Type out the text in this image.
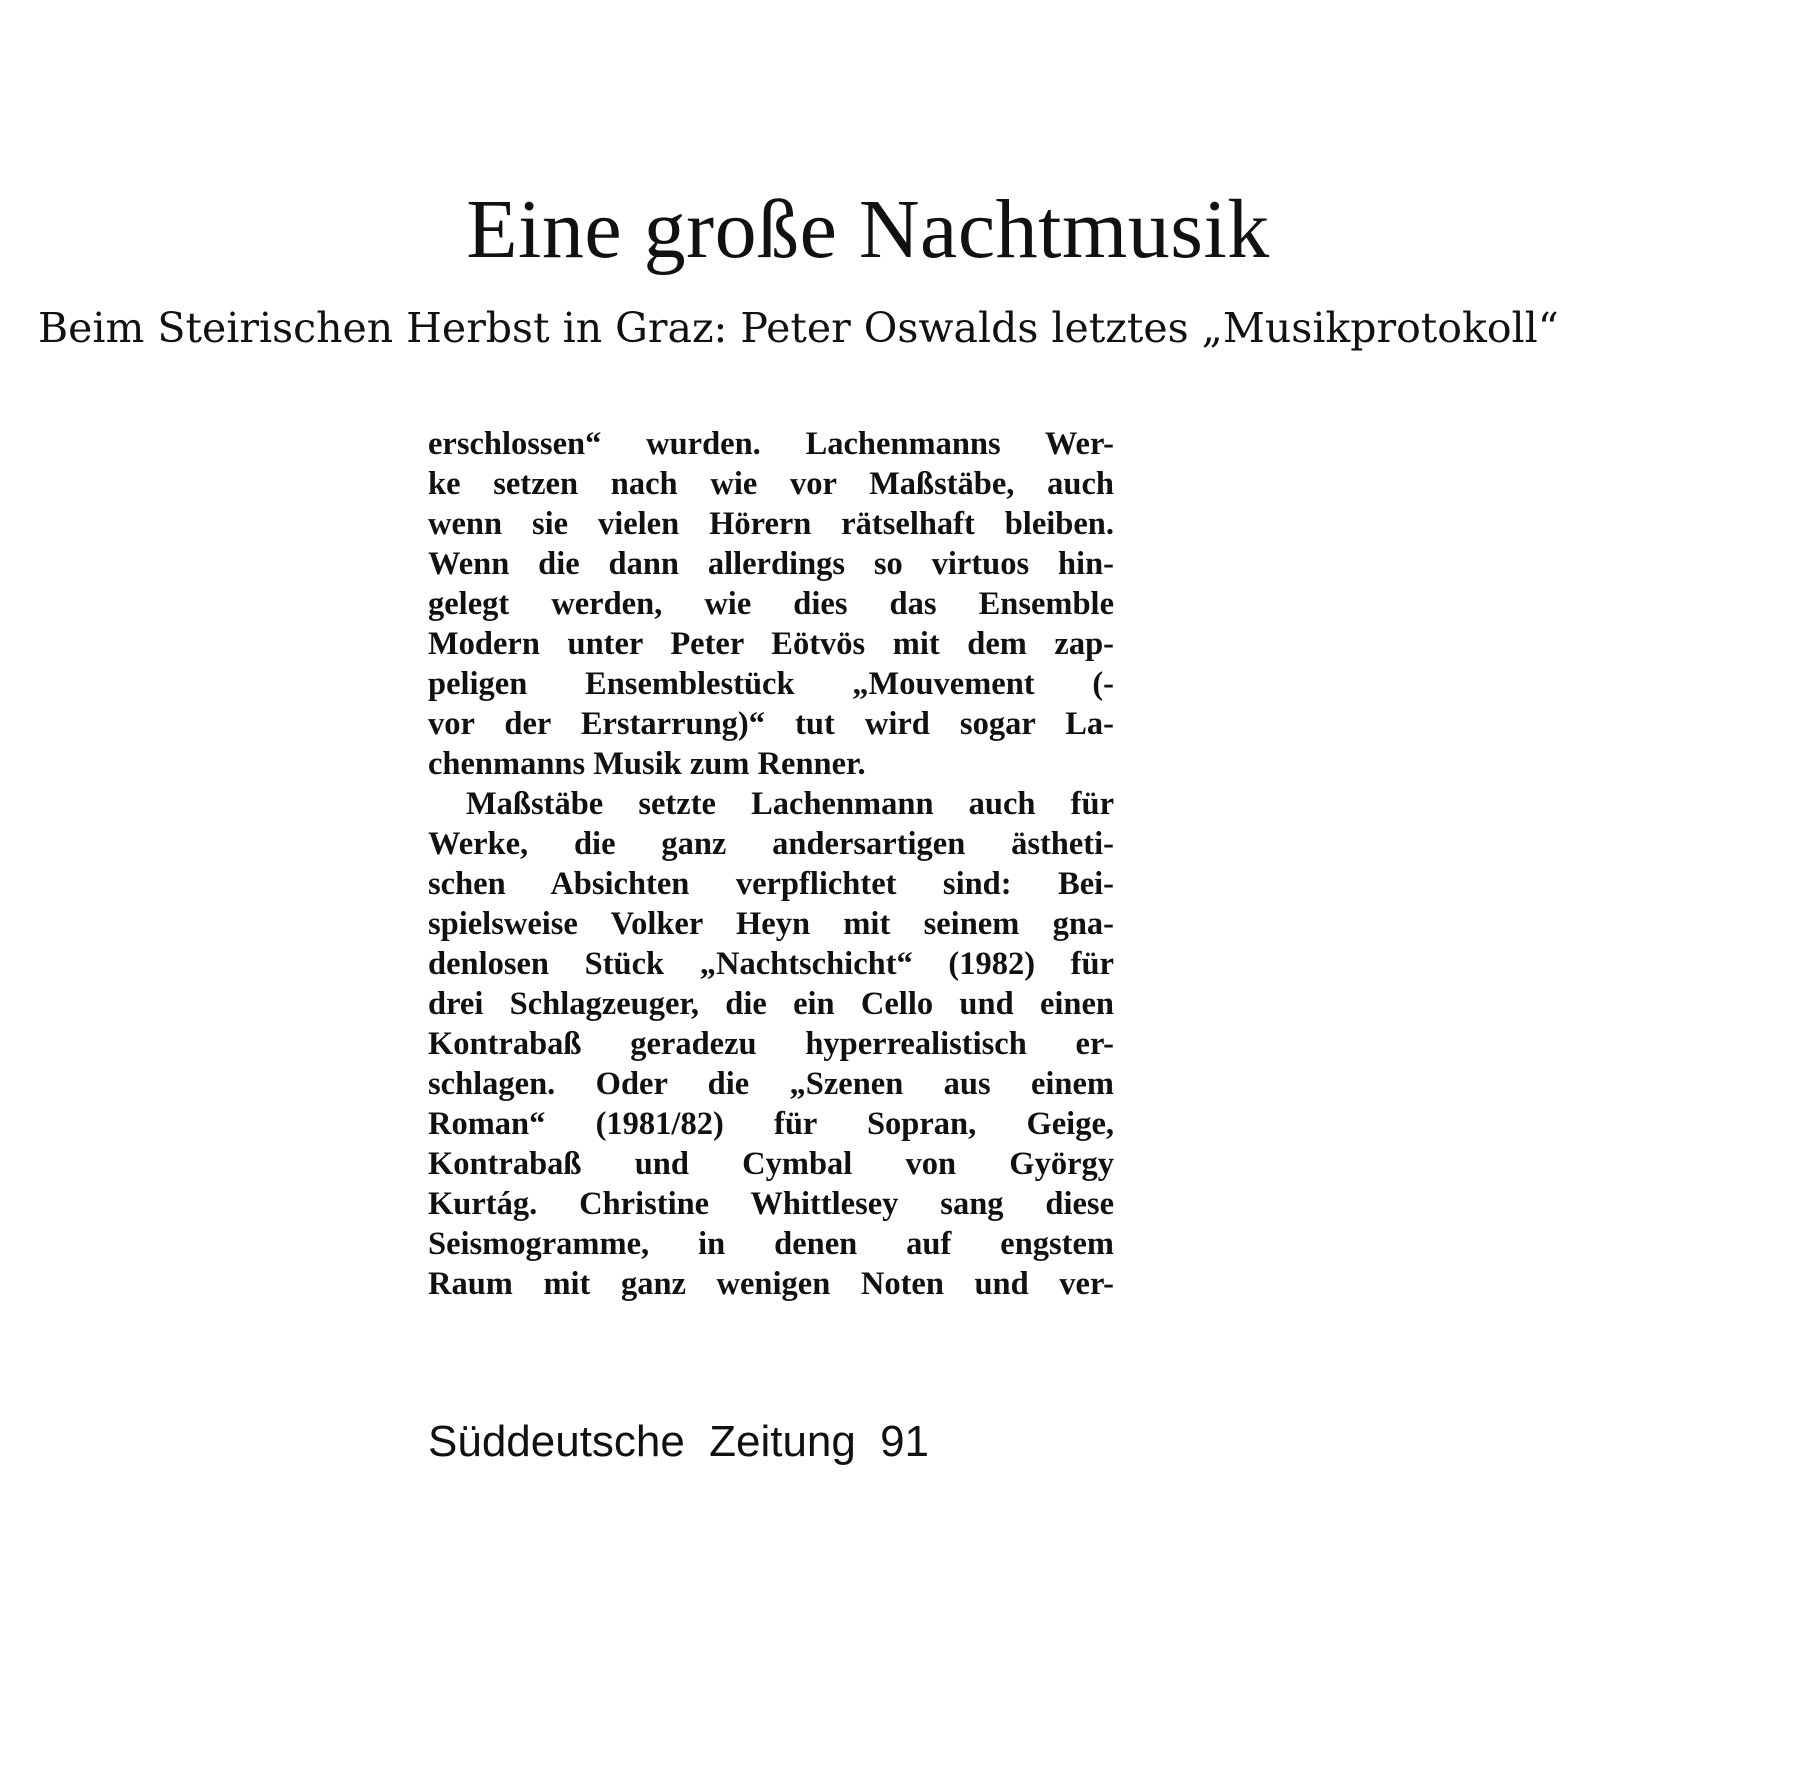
Eine große Nachtmusik
Beim Steirischen Herbst in Graz: Peter Oswalds letztes „Musikprotokoll“
erschlossen“ wurden. Lachenmanns Wer-
ke setzen nach wie vor Maßstäbe, auch
wenn sie vielen Hörern rätselhaft bleiben.
Wenn die dann allerdings so virtuos hin-
gelegt werden, wie dies das Ensemble
Modern unter Peter Eötvös mit dem zap-
peligen Ensemblestück „Mouvement (-
vor der Erstarrung)“ tut wird sogar La-
chenmanns Musik zum Renner.
Maßstäbe setzte Lachenmann auch für
Werke, die ganz andersartigen ästheti-
schen Absichten verpflichtet sind: Bei-
spielsweise Volker Heyn mit seinem gna-
denlosen Stück „Nachtschicht“ (1982) für
drei Schlagzeuger, die ein Cello und einen
Kontrabaß geradezu hyperrealistisch er-
schlagen. Oder die „Szenen aus einem
Roman“ (1981/82) für Sopran, Geige,
Kontrabaß und Cymbal von György
Kurtág. Christine Whittlesey sang diese
Seismogramme, in denen auf engstem
Raum mit ganz wenigen Noten und ver-
Süddeutsche Zeitung 91
